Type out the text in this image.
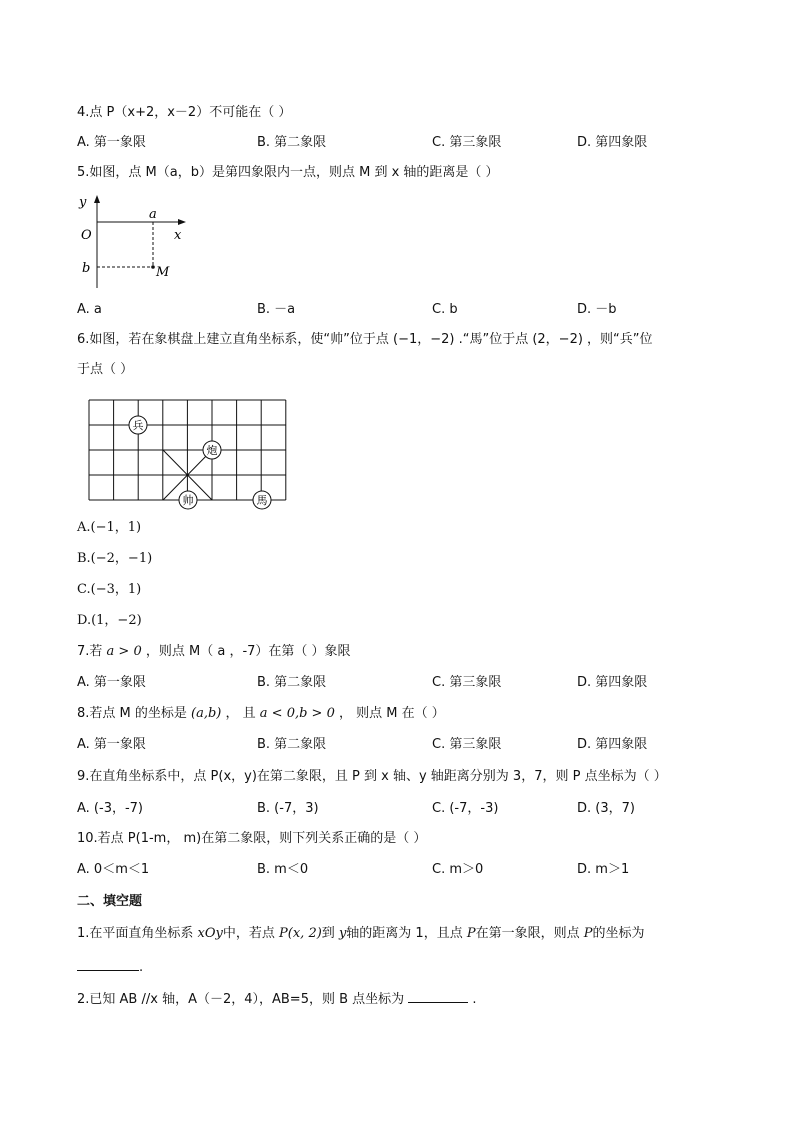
4.点 P（x+2，x－2）不可能在（ ）
A. 第一象限	B. 第二象限	C. 第三象限	D. 第四象限
5.如图，点 M（a，b）是第四象限内一点，则点 M 到 x 轴的距离是（ ）
y
a
x
O
b	M
A. a	B. －a	C. b	D. －b
6.如图，若在象棋盘上建立直角坐标系，使“帅”位于点 (−1，−2) .“馬”位于点 (2，−2) ，则“兵”位
于点（ ）
兵
炮
帅	馬
A.(−1，1)
B.(−2，−1)
C.(−3，1)
D.(1，−2)
7.若 a > 0 ，则点 M（ a ，-7）在第（ ）象限
A. 第一象限	B. 第二象限	C. 第三象限	D. 第四象限
8.若点 M 的坐标是 (a,b) ， 且 a < 0,b > 0 ， 则点 M 在（ ）
A. 第一象限	B. 第二象限	C. 第三象限	D. 第四象限
9.在直角坐标系中，点 P(x，y)在第二象限，且 P 到 x 轴、y 轴距离分别为 3，7，则 P 点坐标为（ ）
A. (-3，-7)	B. (-7，3)	C. (-7，-3)	D. (3，7)
10.若点 P(1-m， m)在第二象限，则下列关系正确的是（ ）
A. 0＜m＜1	B. m＜0	C. m＞0	D. m＞1
二、填空题
1.在平面直角坐标系 xOy中，若点 P(x, 2)到 y轴的距离为 1，且点 P在第一象限，则点 P的坐标为
.
2.已知 AB //x 轴，A（－2，4），AB=5，则 B 点坐标为	.
